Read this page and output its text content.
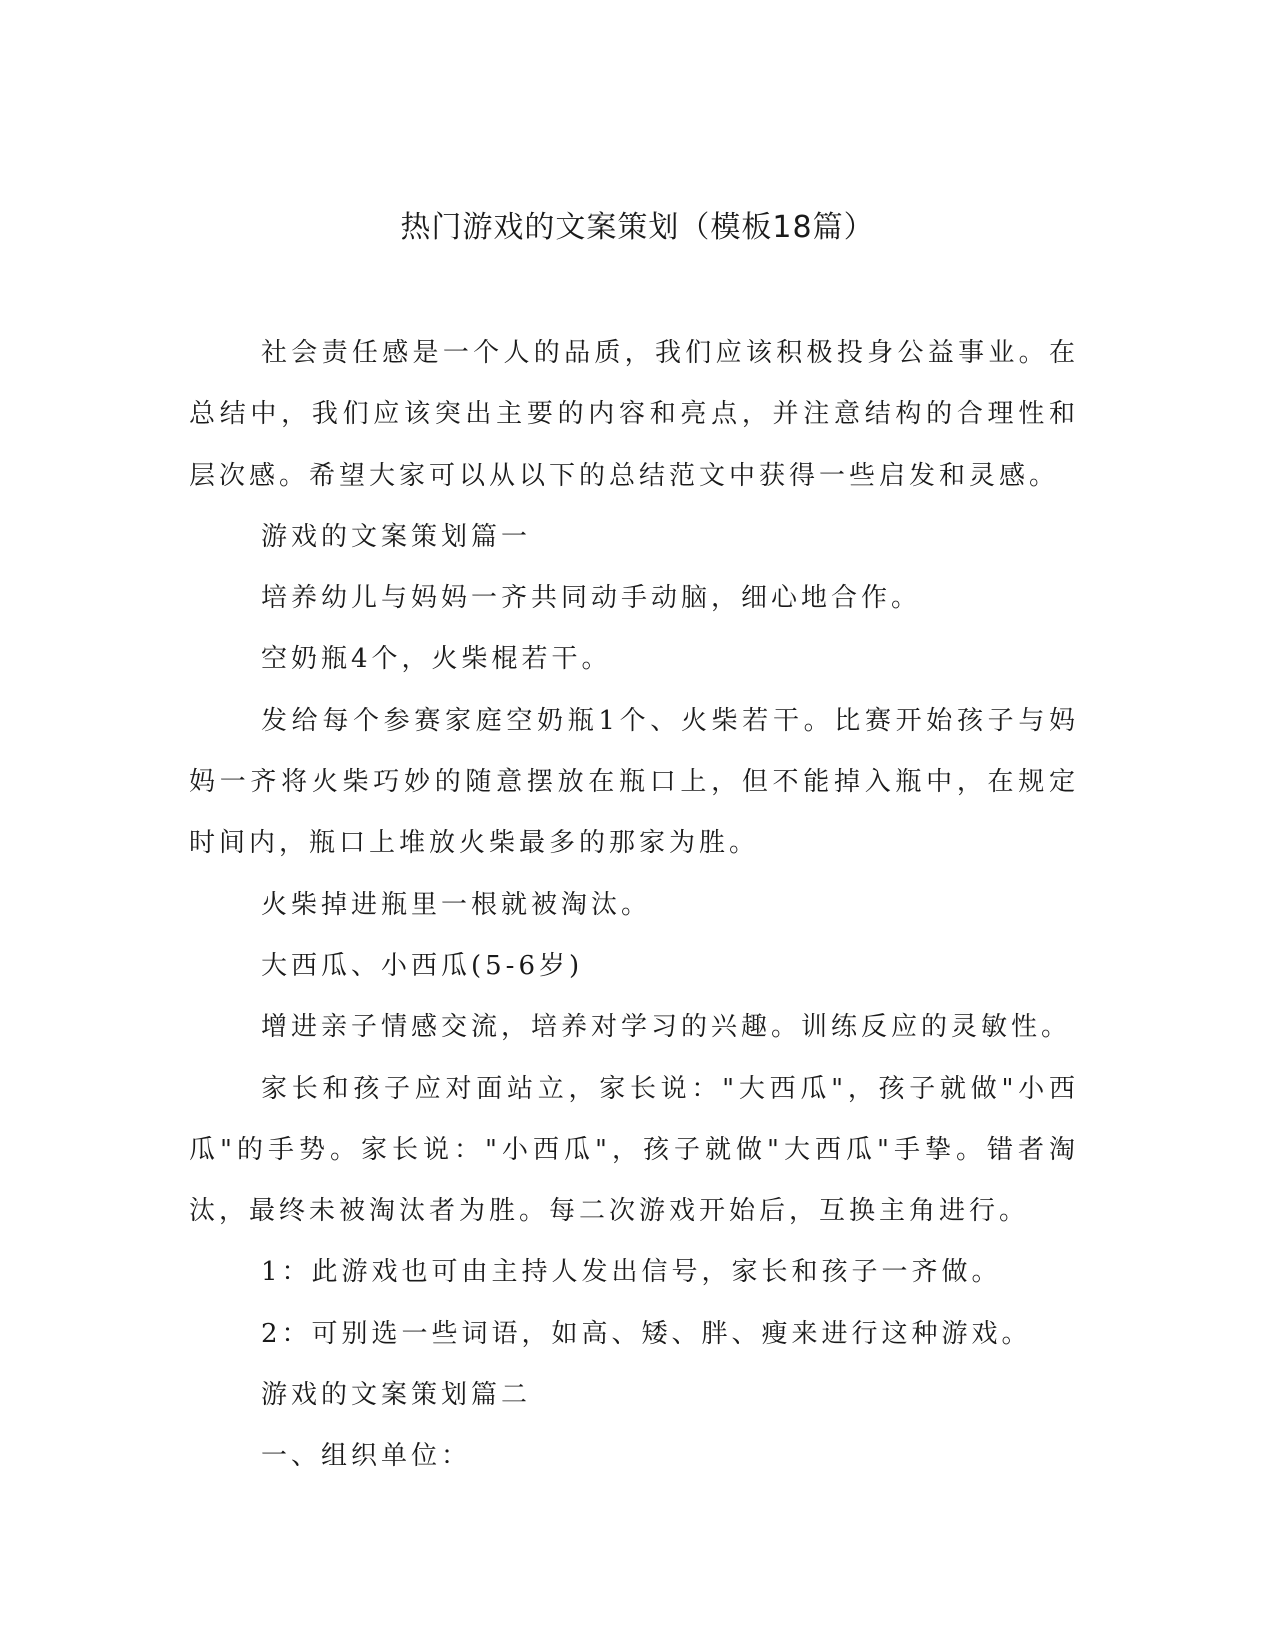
热门游戏的文案策划（模板18篇）

社会责任感是一个人的品质，我们应该积极投身公益事业。在总结中，我们应该突出主要的内容和亮点，并注意结构的合理性和层次感。希望大家可以从以下的总结范文中获得一些启发和灵感。

游戏的文案策划篇一

培养幼儿与妈妈一齐共同动手动脑，细心地合作。

空奶瓶4个，火柴棍若干。

发给每个参赛家庭空奶瓶1个、火柴若干。比赛开始孩子与妈妈一齐将火柴巧妙的随意摆放在瓶口上，但不能掉入瓶中，在规定时间内，瓶口上堆放火柴最多的那家为胜。

火柴掉进瓶里一根就被淘汰。

大西瓜、小西瓜(5-6岁)

增进亲子情感交流，培养对学习的兴趣。训练反应的灵敏性。

家长和孩子应对面站立，家长说："大西瓜"，孩子就做"小西瓜"的手势。家长说："小西瓜"，孩子就做"大西瓜"手挚。错者淘汰，最终未被淘汰者为胜。每二次游戏开始后，互换主角进行。

1：此游戏也可由主持人发出信号，家长和孩子一齐做。

2：可别选一些词语，如高、矮、胖、瘦来进行这种游戏。

游戏的文案策划篇二

一、组织单位：
